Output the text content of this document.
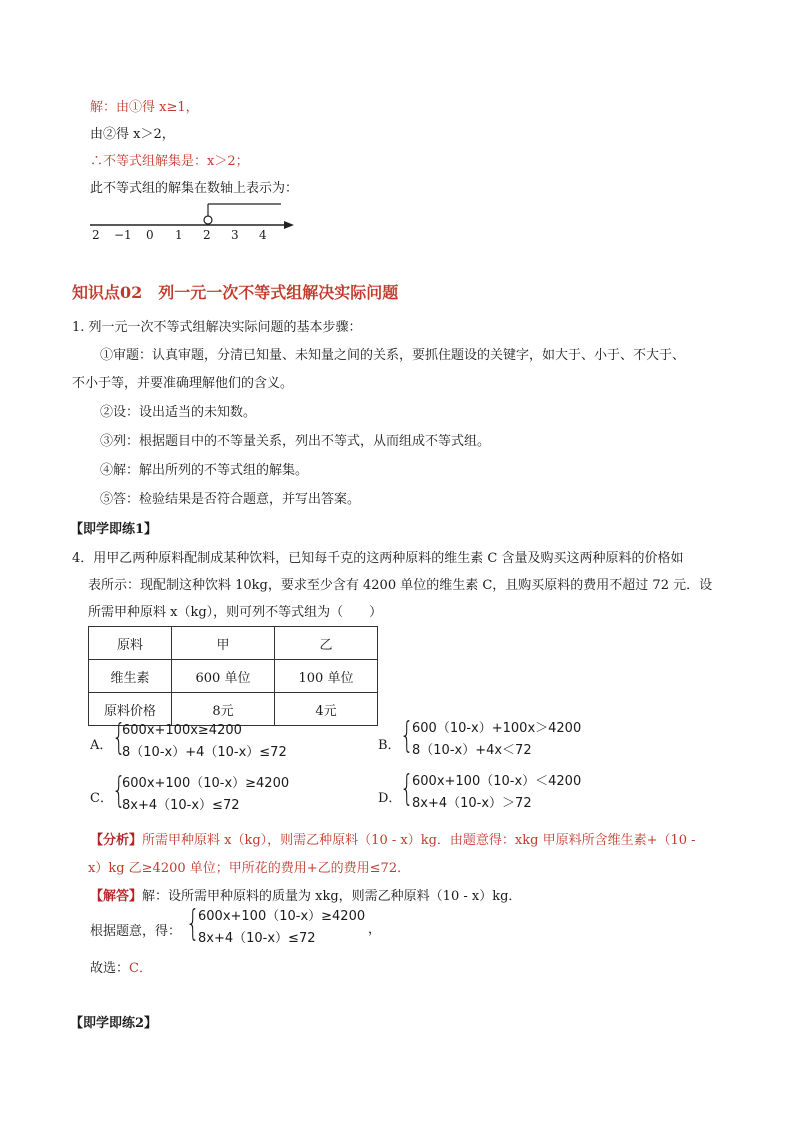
解：由①得 x≥1，
由②得 x＞2，
∴不等式组解集是：x＞2；
此不等式组的解集在数轴上表示为：
2 −1 0 1 2 3 4
知识点02　列一元一次不等式组解决实际问题
1. 列一元一次不等式组解决实际问题的基本步骤：
①审题：认真审题，分清已知量、未知量之间的关系，要抓住题设的关键字，如大于、小于、不大于、
不小于等，并要准确理解他们的含义。
②设：设出适当的未知数。
③列：根据题目中的不等量关系，列出不等式，从而组成不等式组。
④解：解出所列的不等式组的解集。
⑤答：检验结果是否符合题意，并写出答案。
【即学即练1】
4．用甲乙两种原料配制成某种饮料，已知每千克的这两种原料的维生素 C 含量及购买这两种原料的价格如
表所示：现配制这种饮料 10kg，要求至少含有 4200 单位的维生素 C，且购买原料的费用不超过 72 元．设
所需甲种原料 x（kg），则可列不等式组为（　　）
原料	甲	乙
维生素	600 单位	100 单位
原料价格	8元	4元
A． {
600x+100x≥4200
8（10-x）+4（10-x）≤72	B． {
600（10-x）+100x＞4200
8（10-x）+4x＜72
C． {
600x+100（10-x）≥4200
8x+4（10-x）≤72	D．
{
600x+100（10-x）＜4200
8x+4（10-x）＞72
【分析】所需甲种原料 x（kg），则需乙种原料（10 - x）kg．由题意得：xkg 甲原料所含维生素+（10 -
x）kg 乙≥4200 单位；甲所花的费用+乙的费用≤72．
【解答】解：设所需甲种原料的质量为 xkg，则需乙种原料（10 - x）kg．
根据题意，得： {
600x+100（10-x）≥4200
8x+4（10-x）≤72
，
故选：C．
【即学即练2】
